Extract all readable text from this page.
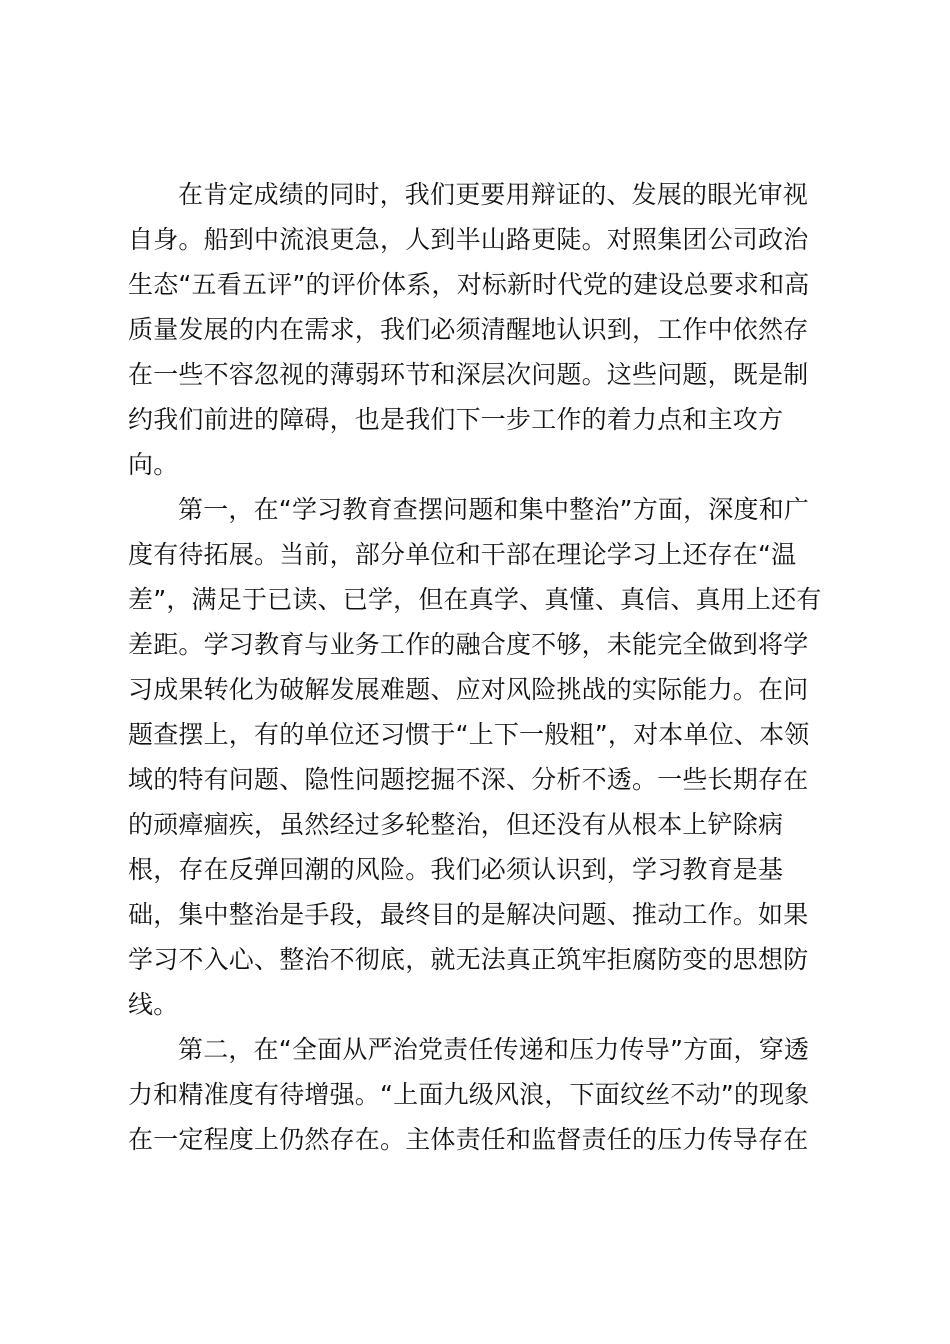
在肯定成绩的同时，我们更要用辩证的、发展的眼光审视
自身。船到中流浪更急，人到半山路更陡。对照集团公司政治
生态“五看五评”的评价体系，对标新时代党的建设总要求和高
质量发展的内在需求，我们必须清醒地认识到，工作中依然存
在一些不容忽视的薄弱环节和深层次问题。这些问题，既是制
约我们前进的障碍，也是我们下一步工作的着力点和主攻方
向。
第一，在“学习教育查摆问题和集中整治”方面，深度和广
度有待拓展。当前，部分单位和干部在理论学习上还存在“温
差”，满足于已读、已学，但在真学、真懂、真信、真用上还有
差距。学习教育与业务工作的融合度不够，未能完全做到将学
习成果转化为破解发展难题、应对风险挑战的实际能力。在问
题查摆上，有的单位还习惯于“上下一般粗”，对本单位、本领
域的特有问题、隐性问题挖掘不深、分析不透。一些长期存在
的顽瘴痼疾，虽然经过多轮整治，但还没有从根本上铲除病
根，存在反弹回潮的风险。我们必须认识到，学习教育是基
础，集中整治是手段，最终目的是解决问题、推动工作。如果
学习不入心、整治不彻底，就无法真正筑牢拒腐防变的思想防
线。
第二，在“全面从严治党责任传递和压力传导”方面，穿透
力和精准度有待增强。“上面九级风浪，下面纹丝不动”的现象
在一定程度上仍然存在。主体责任和监督责任的压力传导存在
